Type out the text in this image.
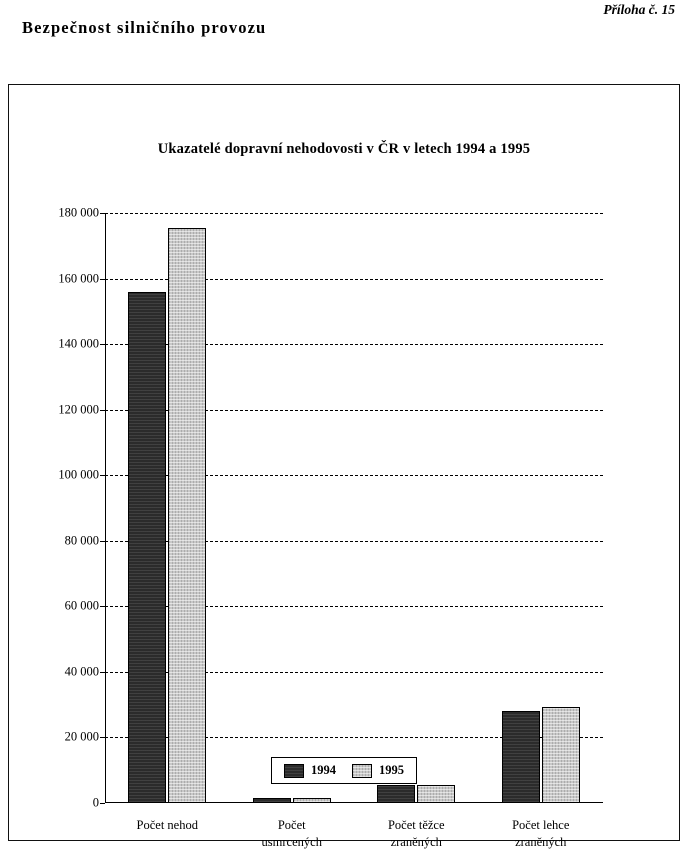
Bezpečnost silničního provozu
Příloha č. 15
Ukazatelé dopravní nehodovosti v ČR v letech 1994 a 1995
0
20 000
40 000
60 000
80 000
100 000
120 000
140 000
160 000
180 000
Počet nehod	Počet
usmrcených
Počet těžce
zraněných
Počet lehce
zraněných
1994	1995
